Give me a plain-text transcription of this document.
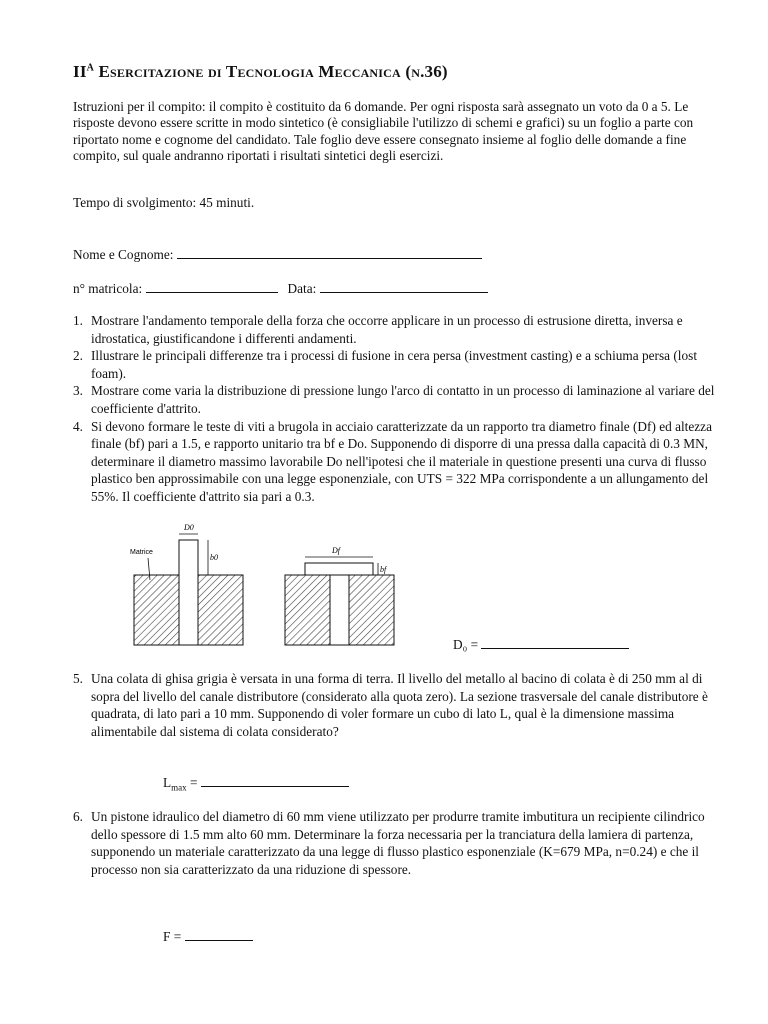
$II^A$ Esercitazione di Tecnologia Meccanica (n.36)
Istruzioni per il compito: il compito è costituito da 6 domande. Per ogni risposta sarà assegnato un voto da 0 a 5. Le risposte devono essere scritte in modo sintetico (è consigliabile l'utilizzo di schemi e grafici) su un foglio a parte con riportato nome e cognome del candidato. Tale foglio deve essere consegnato insieme al foglio delle domande a fine compito, sul quale andranno riportati i risultati sintetici degli esercizi.
Tempo di svolgimento: 45 minuti.
Nome e Cognome:
n° matricola:	Data:
1. Mostrare l'andamento temporale della forza che occorre applicare in un processo di estrusione diretta, inversa e idrostatica, giustificandone i differenti andamenti.
2. Illustrare le principali differenze tra i processi di fusione in cera persa (investment casting) e a schiuma persa (lost foam).
3. Mostrare come varia la distribuzione di pressione lungo l'arco di contatto in un processo di laminazione al variare del coefficiente d'attrito.
4. Si devono formare le teste di viti a brugola in acciaio caratterizzate da un rapporto tra diametro finale (Df) ed altezza finale (bf) pari a 1.5, e rapporto unitario tra bf e Do. Supponendo di disporre di una pressa dalla capacità di 0.3 MN, determinare il diametro massimo lavorabile Do nell'ipotesi che il materiale in questione presenti una curva di flusso plastico ben approssimabile con una legge esponenziale, con UTS = 322 MPa corrispondente a un allungamento del 55%. Il coefficiente d'attrito sia pari a 0.3.
D0
b0
Matrice	Df
bf
D₀ =
5. Una colata di ghisa grigia è versata in una forma di terra. Il livello del metallo al bacino di colata è di 250 mm al di sopra del livello del canale distributore (considerato alla quota zero). La sezione trasversale del canale distributore è quadrata, di lato pari a 10 mm. Supponendo di voler formare un cubo di lato L, qual è la dimensione massima alimentabile dal sistema di colata considerato?
$L_{max}$ =
6. Un pistone idraulico del diametro di 60 mm viene utilizzato per produrre tramite imbutitura un recipiente cilindrico dello spessore di 1.5 mm alto 60 mm. Determinare la forza necessaria per la tranciatura della lamiera di partenza, supponendo un materiale caratterizzato da una legge di flusso plastico esponenziale (K=679 MPa, n=0.24) e che il processo non sia caratterizzato da una riduzione di spessore.
F =
